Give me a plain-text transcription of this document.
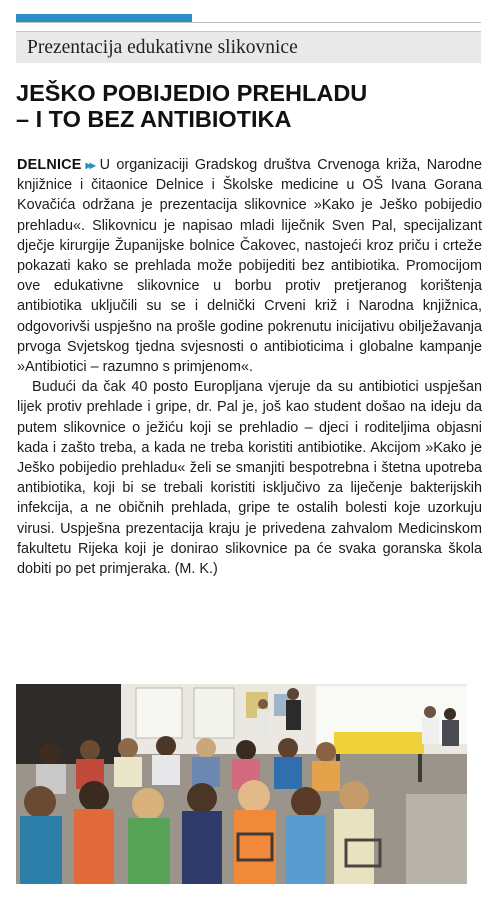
Prezentacija edukativne slikovnice
JEŠKO POBIJEDIO PREHLADU
– I TO BEZ ANTIBIOTIKA

DELNICE ▸▸ U organizaciji Gradskog društva Crvenoga križa, Narodne knjižnice i čitaonice Delnice i Školske medicine u OŠ Ivana Gorana Kovačića održana je prezentacija slikovnice »Kako je Ješko pobijedio prehladu«. Slikovnicu je napisao mladi liječnik Sven Pal, specijalizant dječje kirurgije Županijske bolnice Čakovec, nastojeći kroz priču i crteže pokazati kako se prehlada može pobijediti bez antibiotika. Promocijom ove edukativne slikovnice u borbu protiv pretjeranog korištenja antibiotika uključili su se i delnički Crveni križ i Narodna knjižnica, odgovorivši uspješno na prošle godine pokrenutu inicijativu obilježavanja prvoga Svjetskog tjedna svjesnosti o antibioticima i globalne kampanje »Antibiotici – razumno s primjenom«.

Budući da čak 40 posto Europljana vjeruje da su antibiotici uspješan lijek protiv prehlade i gripe, dr. Pal je, još kao student došao na ideju da putem slikovnice o ježiću koji se prehladio – djeci i roditeljima objasni kada i zašto treba, a kada ne treba koristiti antibiotike. Akcijom »Kako je Ješko pobijedio prehladu« želi se smanjiti bespotrebna i štetna upotreba antibiotika, koji bi se trebali koristiti isključivo za liječenje bakterijskih infekcija, a ne običnih prehlada, gripe te ostalih bolesti koje uzorkuju virusi. Uspješna prezentacija kraju je privedena zahvalom Medicinskom fakultetu Rijeka koji je donirao slikovnice pa će svaka goranska škola dobiti po pet primjeraka. (M. K.)
